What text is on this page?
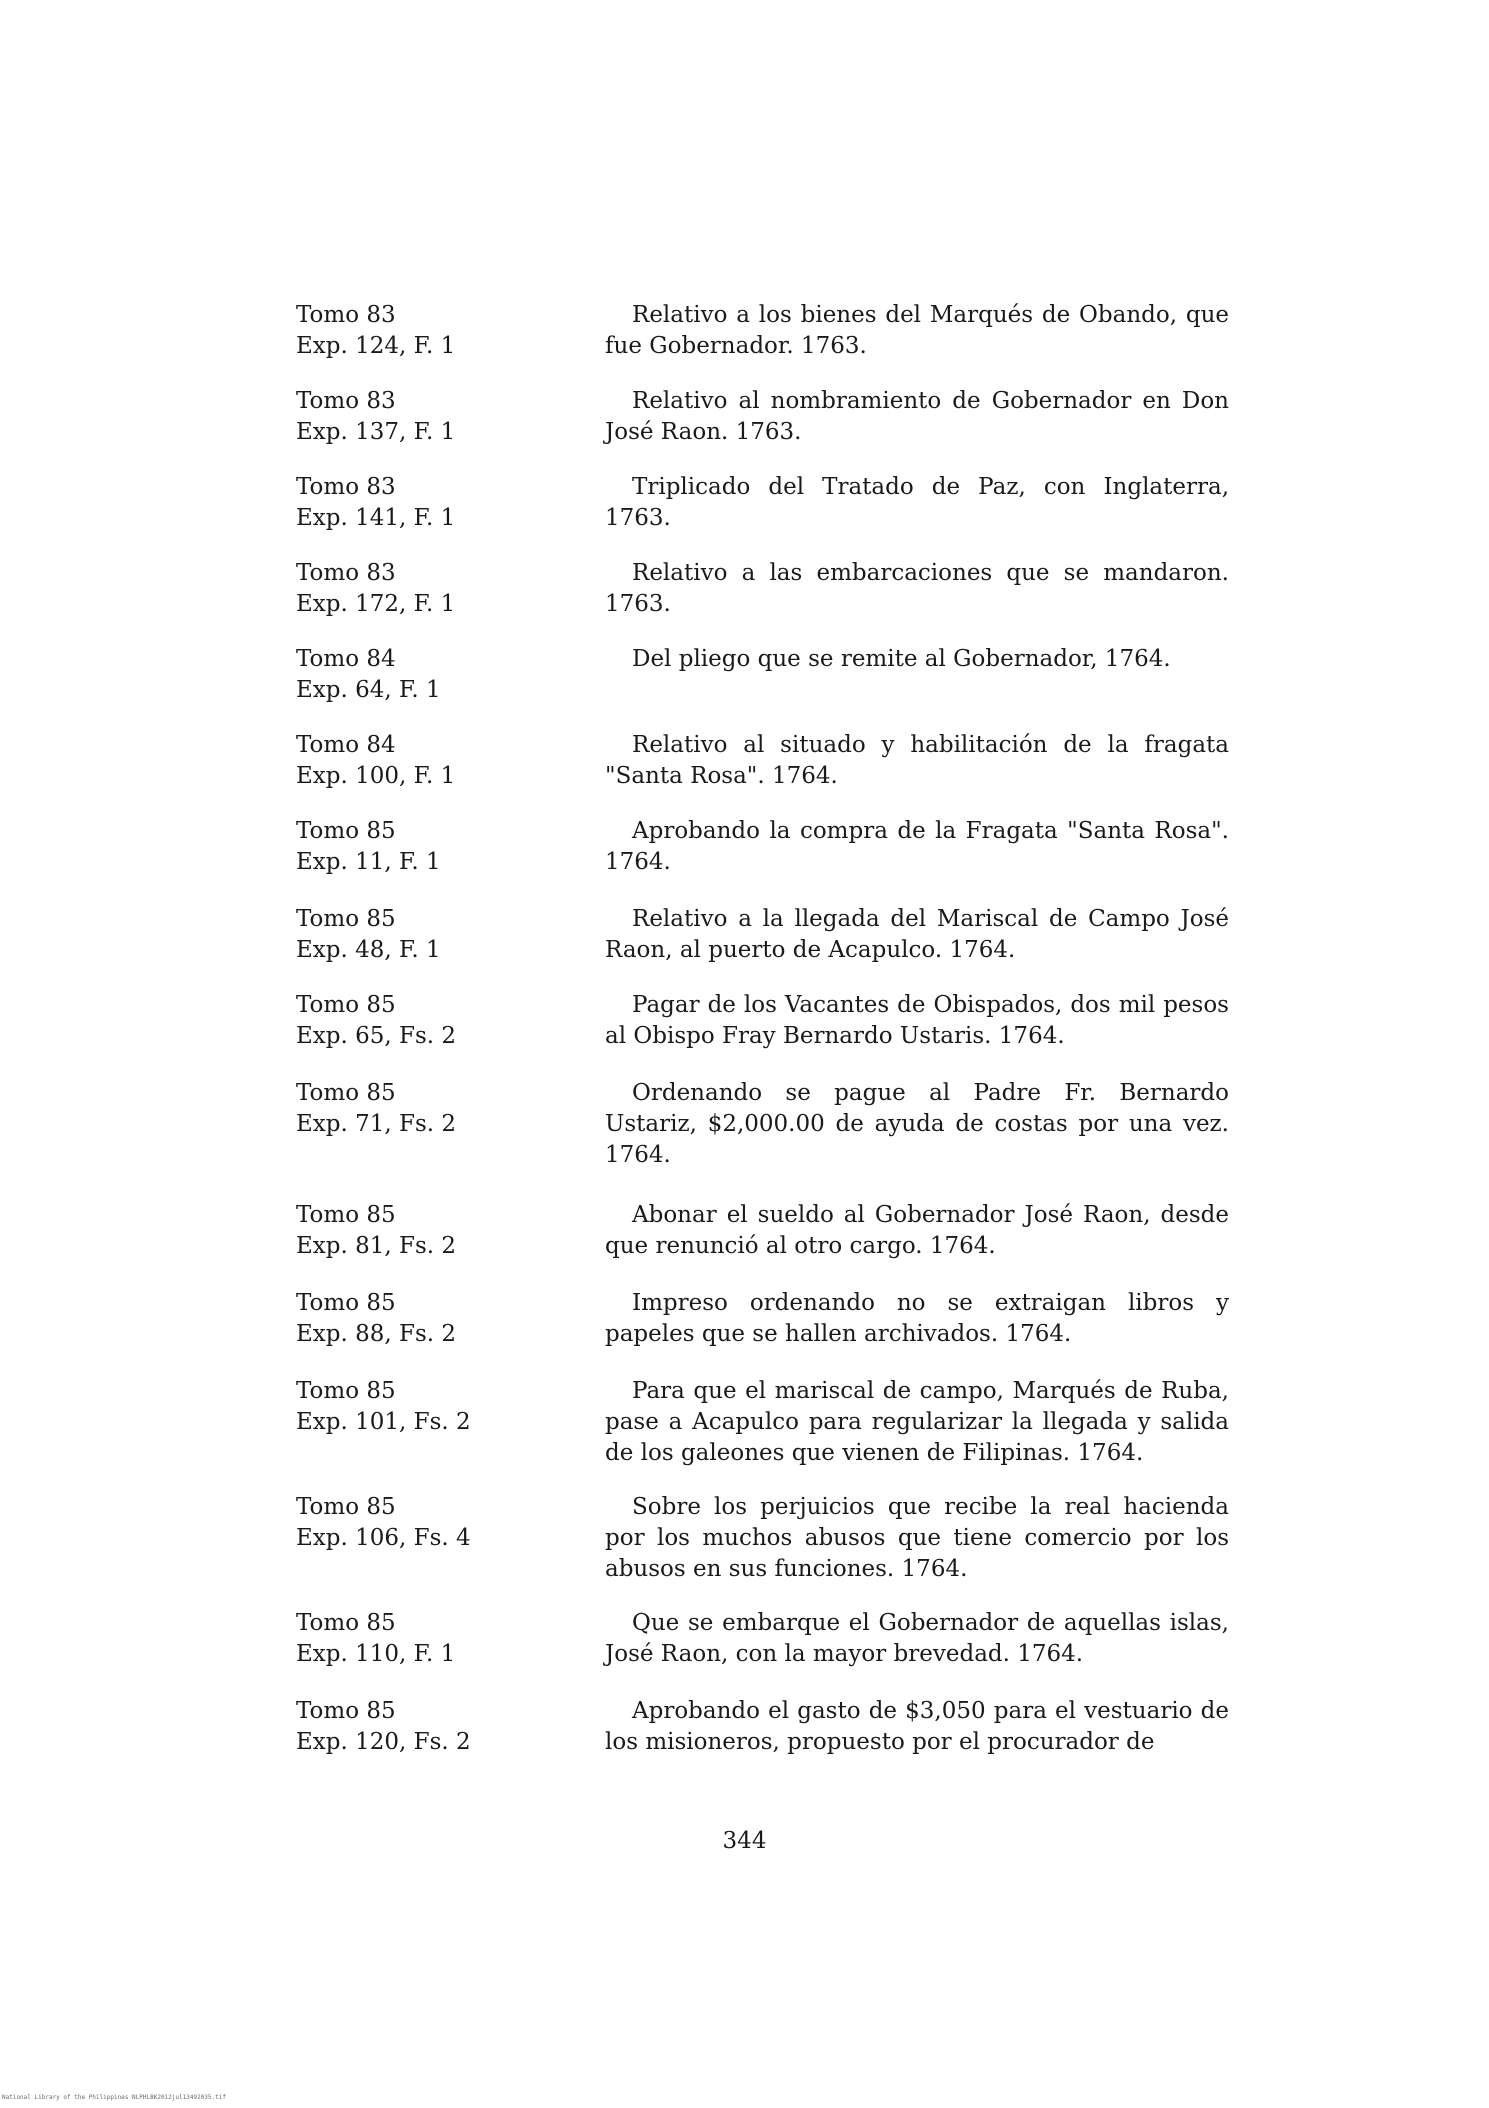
Tomo 83
Exp. 124, F. 1
Relativo a los bienes del Marqués de Obando, que fue Gobernador. 1763.
Tomo 83
Exp. 137, F. 1
Relativo al nombramiento de Gobernador en Don José Raon. 1763.
Tomo 83
Exp. 141, F. 1
Triplicado del Tratado de Paz, con Inglaterra, 1763.
Tomo 83
Exp. 172, F. 1
Relativo a las embarcaciones que se mandaron. 1763.
Tomo 84
Exp. 64, F. 1
Del pliego que se remite al Gobernador, 1764.
Tomo 84
Exp. 100, F. 1
Relativo al situado y habilitación de la fragata "Santa Rosa". 1764.
Tomo 85
Exp. 11, F. 1
Aprobando la compra de la Fragata "Santa Rosa". 1764.
Tomo 85
Exp. 48, F. 1
Relativo a la llegada del Mariscal de Campo José Raon, al puerto de Acapulco. 1764.
Tomo 85
Exp. 65, Fs. 2
Pagar de los Vacantes de Obispados, dos mil pesos al Obispo Fray Bernardo Ustaris. 1764.
Tomo 85
Exp. 71, Fs. 2
Ordenando se pague al Padre Fr. Bernardo Ustariz, $2,000.00 de ayuda de costas por una vez. 1764.
Tomo 85
Exp. 81, Fs. 2
Abonar el sueldo al Gobernador José Raon, desde que renunció al otro cargo. 1764.
Tomo 85
Exp. 88, Fs. 2
Impreso ordenando no se extraigan libros y papeles que se hallen archivados. 1764.
Tomo 85
Exp. 101, Fs. 2
Para que el mariscal de campo, Marqués de Ruba, pase a Acapulco para regularizar la llegada y salida de los galeones que vienen de Filipinas. 1764.
Tomo 85
Exp. 106, Fs. 4
Sobre los perjuicios que recibe la real hacienda por los muchos abusos que tiene comercio por los abusos en sus funciones. 1764.
Tomo 85
Exp. 110, F. 1
Que se embarque el Gobernador de aquellas islas, José Raon, con la mayor brevedad. 1764.
Tomo 85
Exp. 120, Fs. 2
Aprobando el gasto de $3,050 para el vestuario de los misioneros, propuesto por el procurador de
344
National Library of the Philippines NLPHLBK2012jul13492035.tif
